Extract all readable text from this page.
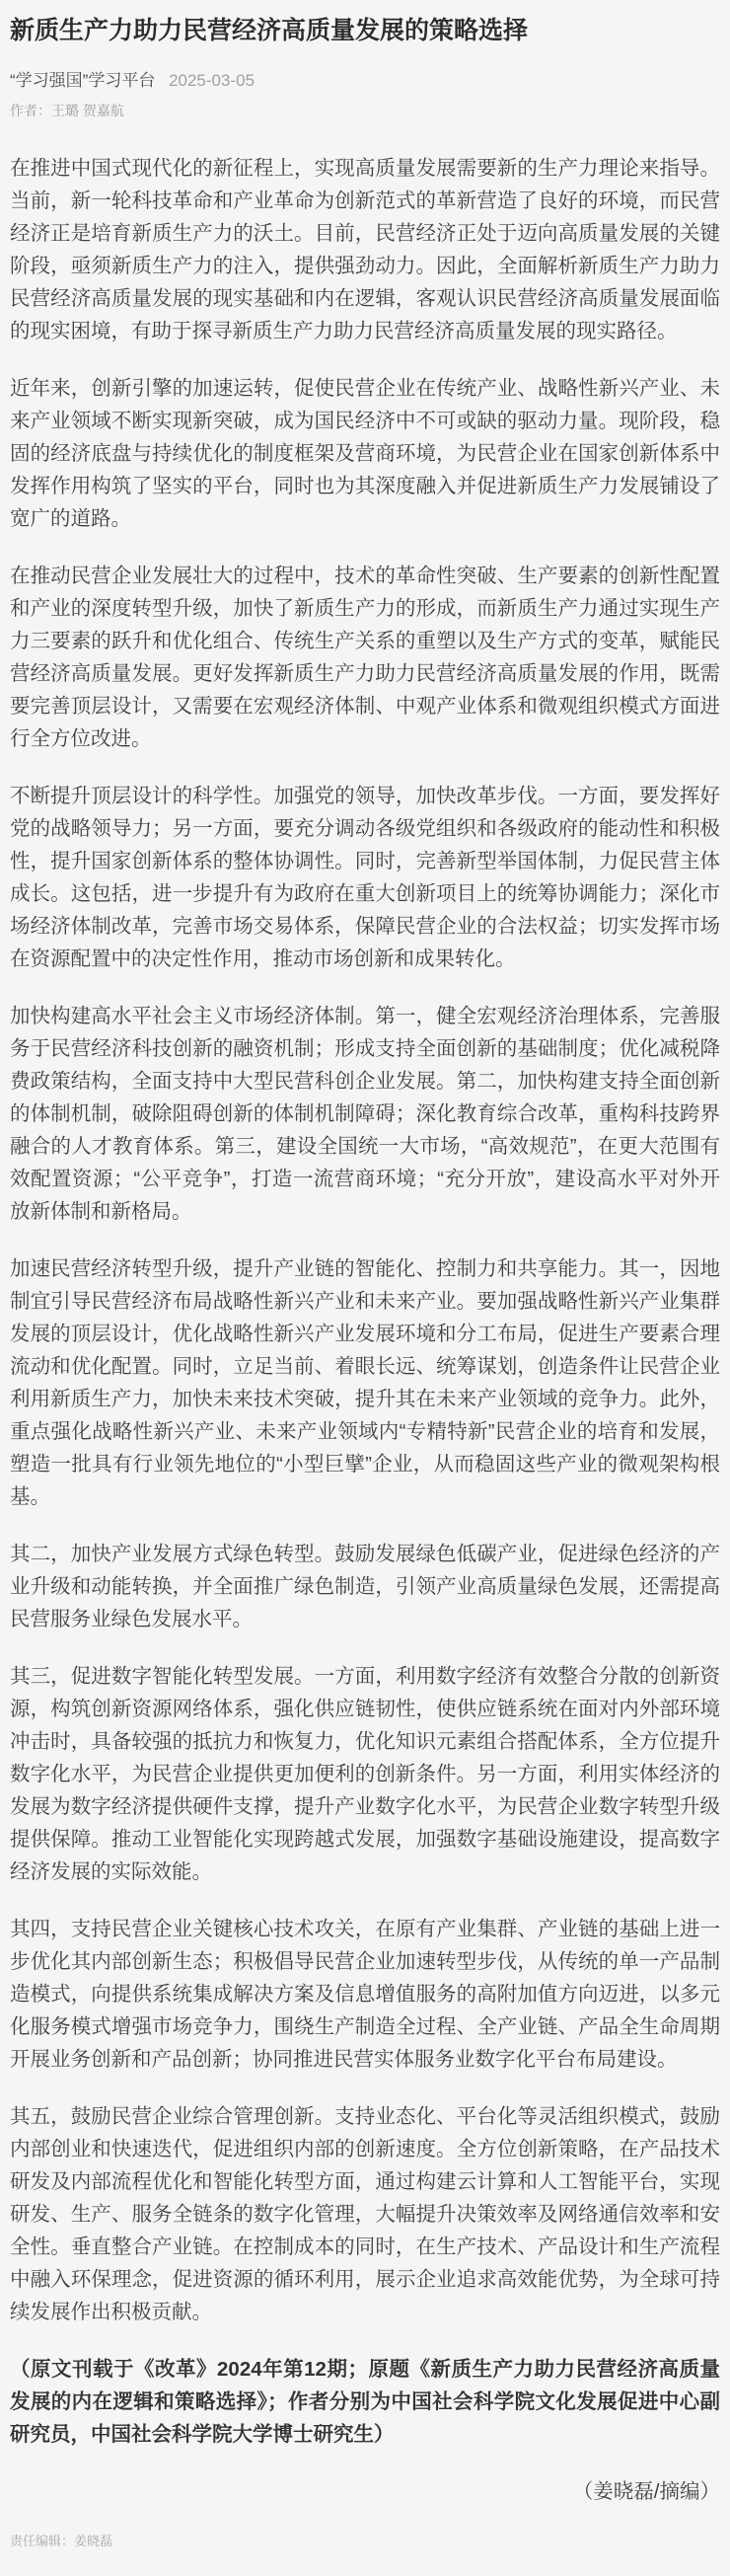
新质生产力助力民营经济高质量发展的策略选择
“学习强国”学习平台 2025-03-05
作者：王璐 贺嘉航

在推进中国式现代化的新征程上，实现高质量发展需要新的生产力理论来指导。当前，新一轮科技革命和产业革命为创新范式的革新营造了良好的环境，而民营经济正是培育新质生产力的沃土。目前，民营经济正处于迈向高质量发展的关键阶段，亟须新质生产力的注入，提供强劲动力。因此，全面解析新质生产力助力民营经济高质量发展的现实基础和内在逻辑，客观认识民营经济高质量发展面临的现实困境，有助于探寻新质生产力助力民营经济高质量发展的现实路径。

近年来，创新引擎的加速运转，促使民营企业在传统产业、战略性新兴产业、未来产业领域不断实现新突破，成为国民经济中不可或缺的驱动力量。现阶段，稳固的经济底盘与持续优化的制度框架及营商环境，为民营企业在国家创新体系中发挥作用构筑了坚实的平台，同时也为其深度融入并促进新质生产力发展铺设了宽广的道路。

在推动民营企业发展壮大的过程中，技术的革命性突破、生产要素的创新性配置和产业的深度转型升级，加快了新质生产力的形成，而新质生产力通过实现生产力三要素的跃升和优化组合、传统生产关系的重塑以及生产方式的变革，赋能民营经济高质量发展。更好发挥新质生产力助力民营经济高质量发展的作用，既需要完善顶层设计，又需要在宏观经济体制、中观产业体系和微观组织模式方面进行全方位改进。

不断提升顶层设计的科学性。加强党的领导，加快改革步伐。一方面，要发挥好党的战略领导力；另一方面，要充分调动各级党组织和各级政府的能动性和积极性，提升国家创新体系的整体协调性。同时，完善新型举国体制，力促民营主体成长。这包括，进一步提升有为政府在重大创新项目上的统筹协调能力；深化市场经济体制改革，完善市场交易体系，保障民营企业的合法权益；切实发挥市场在资源配置中的决定性作用，推动市场创新和成果转化。

加快构建高水平社会主义市场经济体制。第一，健全宏观经济治理体系，完善服务于民营经济科技创新的融资机制；形成支持全面创新的基础制度；优化减税降费政策结构，全面支持中大型民营科创企业发展。第二，加快构建支持全面创新的体制机制，破除阻碍创新的体制机制障碍；深化教育综合改革，重构科技跨界融合的人才教育体系。第三，建设全国统一大市场，“高效规范”，在更大范围有效配置资源；“公平竞争”，打造一流营商环境；“充分开放”，建设高水平对外开放新体制和新格局。

加速民营经济转型升级，提升产业链的智能化、控制力和共享能力。其一，因地制宜引导民营经济布局战略性新兴产业和未来产业。要加强战略性新兴产业集群发展的顶层设计，优化战略性新兴产业发展环境和分工布局，促进生产要素合理流动和优化配置。同时，立足当前、着眼长远、统筹谋划，创造条件让民营企业利用新质生产力，加快未来技术突破，提升其在未来产业领域的竞争力。此外，重点强化战略性新兴产业、未来产业领域内“专精特新”民营企业的培育和发展，塑造一批具有行业领先地位的“小型巨擘”企业，从而稳固这些产业的微观架构根基。

其二，加快产业发展方式绿色转型。鼓励发展绿色低碳产业，促进绿色经济的产业升级和动能转换，并全面推广绿色制造，引领产业高质量绿色发展，还需提高民营服务业绿色发展水平。

其三，促进数字智能化转型发展。一方面，利用数字经济有效整合分散的创新资源，构筑创新资源网络体系，强化供应链韧性，使供应链系统在面对内外部环境冲击时，具备较强的抵抗力和恢复力，优化知识元素组合搭配体系，全方位提升数字化水平，为民营企业提供更加便利的创新条件。另一方面，利用实体经济的发展为数字经济提供硬件支撑，提升产业数字化水平，为民营企业数字转型升级提供保障。推动工业智能化实现跨越式发展，加强数字基础设施建设，提高数字经济发展的实际效能。

其四，支持民营企业关键核心技术攻关，在原有产业集群、产业链的基础上进一步优化其内部创新生态；积极倡导民营企业加速转型步伐，从传统的单一产品制造模式，向提供系统集成解决方案及信息增值服务的高附加值方向迈进，以多元化服务模式增强市场竞争力，围绕生产制造全过程、全产业链、产品全生命周期开展业务创新和产品创新；协同推进民营实体服务业数字化平台布局建设。

其五，鼓励民营企业综合管理创新。支持业态化、平台化等灵活组织模式，鼓励内部创业和快速迭代，促进组织内部的创新速度。全方位创新策略，在产品技术研发及内部流程优化和智能化转型方面，通过构建云计算和人工智能平台，实现研发、生产、服务全链条的数字化管理，大幅提升决策效率及网络通信效率和安全性。垂直整合产业链。在控制成本的同时，在生产技术、产品设计和生产流程中融入环保理念，促进资源的循环利用，展示企业追求高效能优势，为全球可持续发展作出积极贡献。

（原文刊载于《改革》2024年第12期；原题《新质生产力助力民营经济高质量发展的内在逻辑和策略选择》；作者分别为中国社会科学院文化发展促进中心副研究员，中国社会科学院大学博士研究生）

（姜晓磊/摘编）

责任编辑：姜晓磊
